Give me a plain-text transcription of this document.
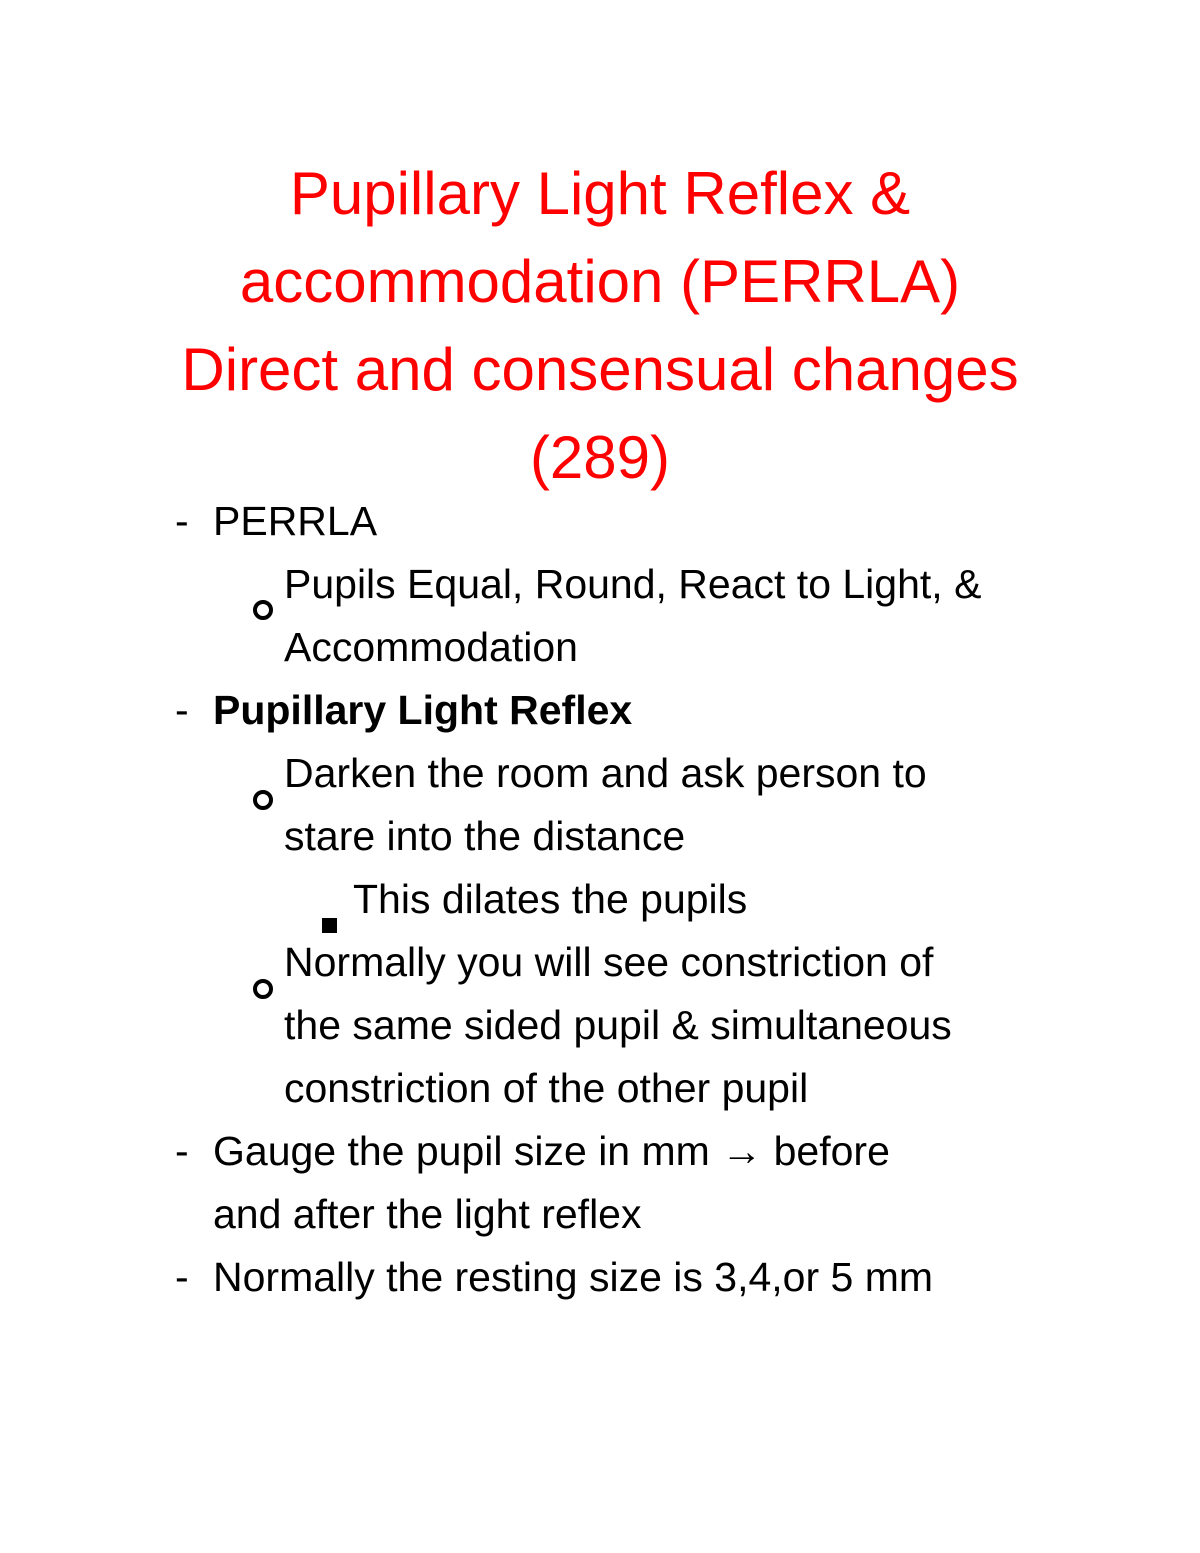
Pupillary Light Reflex &
accommodation (PERRLA)
Direct and consensual changes
(289)
- PERRLA
Pupils Equal, Round, React to Light, &
Accommodation
- Pupillary Light Reflex
Darken the room and ask person to
stare into the distance
This dilates the pupils
Normally you will see constriction of
the same sided pupil & simultaneous
constriction of the other pupil
- Gauge the pupil size in mm → before
and after the light reflex
- Normally the resting size is 3,4,or 5 mm
